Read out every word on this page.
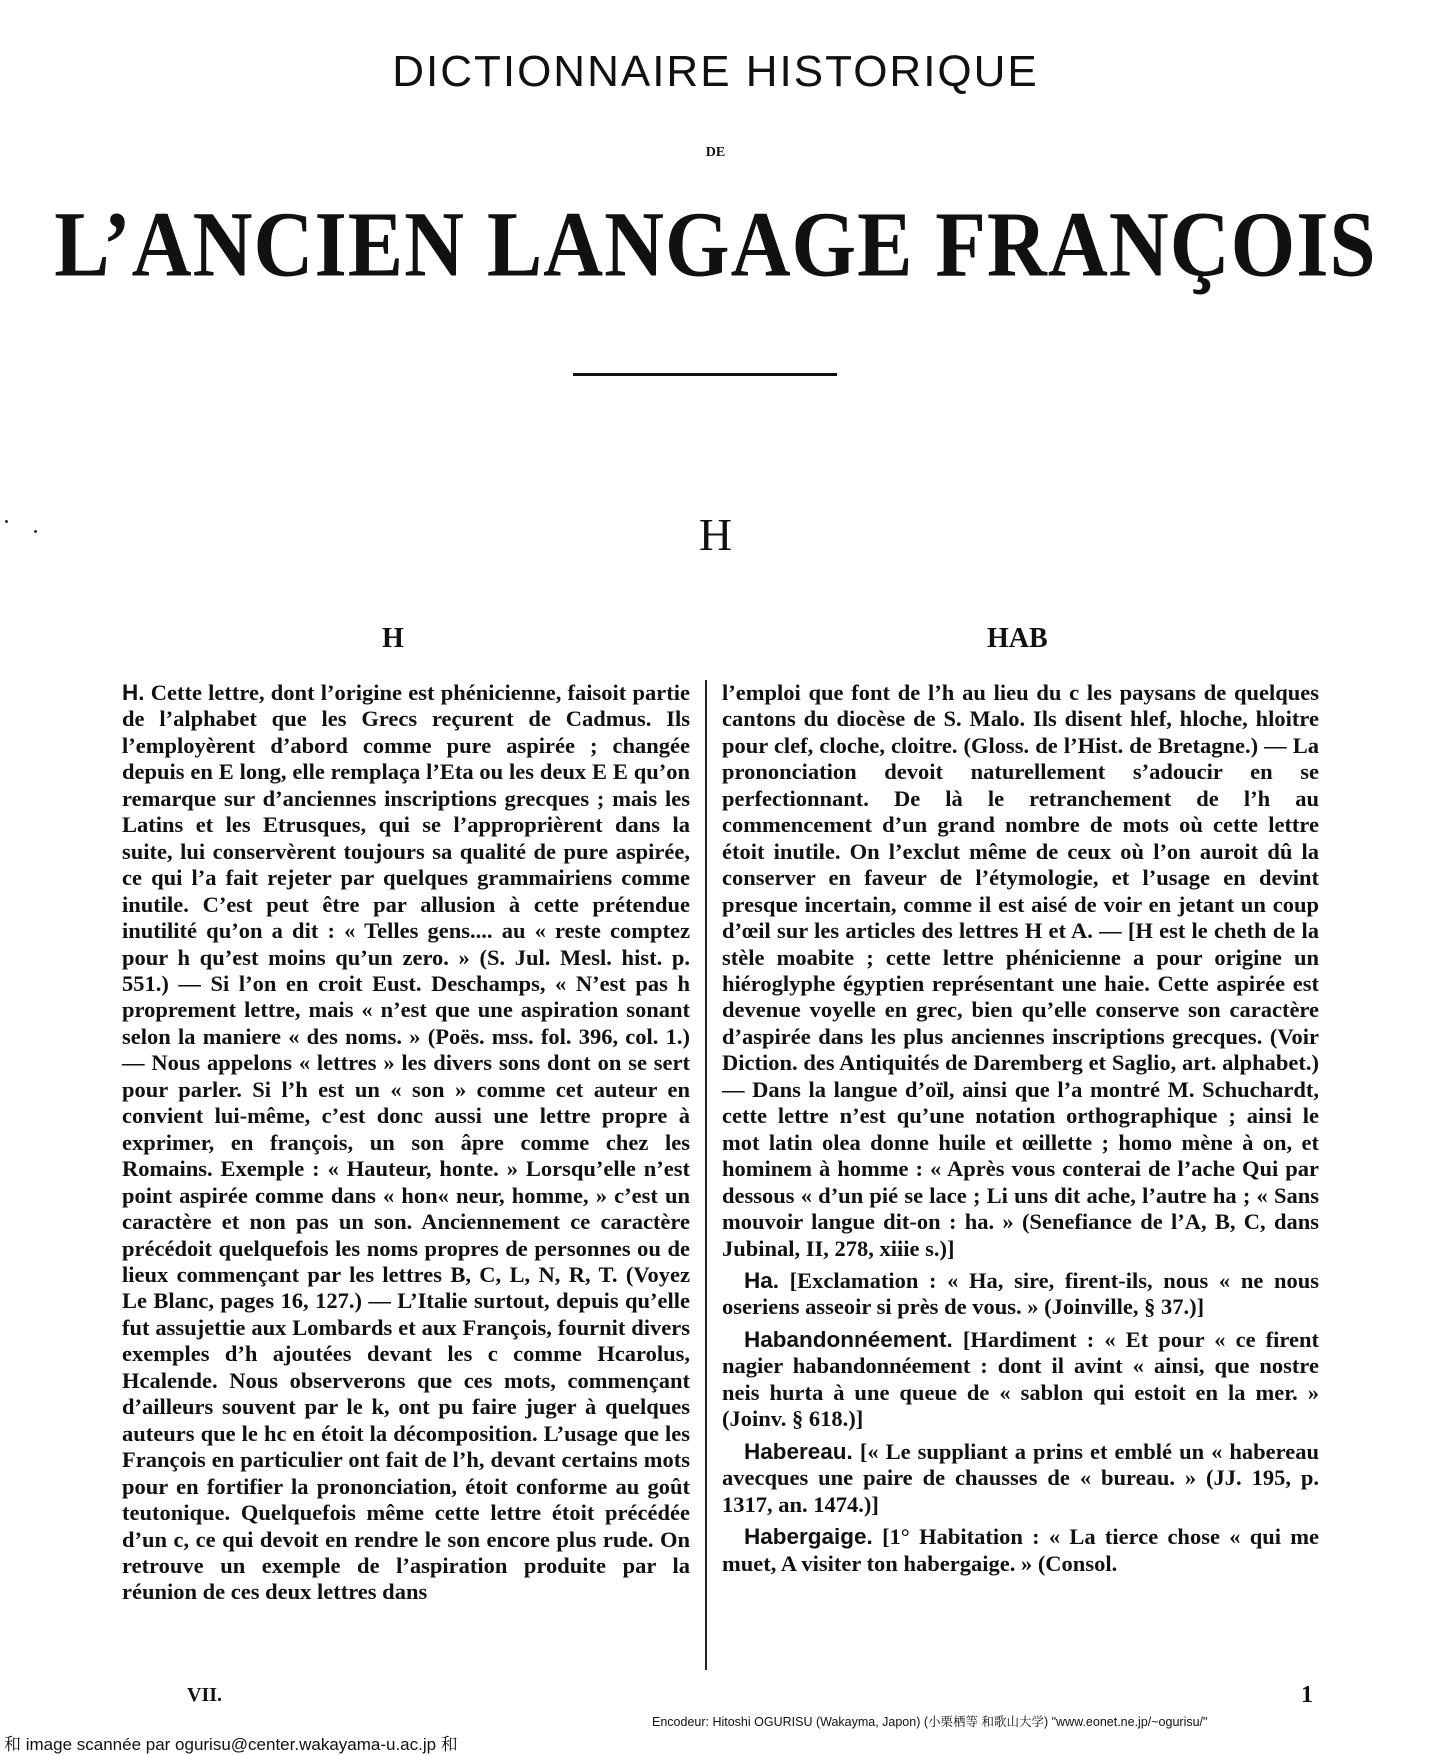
DICTIONNAIRE HISTORIQUE

DE

L’ANCIEN LANGAGE FRANÇOIS
H
H	HAB

H. Cette lettre, dont l’origine est phénicienne, faisoit partie de l’alphabet que les Grecs reçurent de Cadmus. Ils l’employèrent d’abord comme pure aspirée ; changée depuis en E long, elle remplaça l’Eta ou les deux E E qu’on remarque sur d’anciennes inscriptions grecques ; mais les Latins et les Etrusques, qui se l’approprièrent dans la suite, lui conservèrent toujours sa qualité de pure aspirée, ce qui l’a fait rejeter par quelques grammairiens comme inutile. C’est peut être par allusion à cette prétendue inutilité qu’on a dit : « Telles gens.... au « reste comptez pour h qu’est moins qu’un zero. » (S. Jul. Mesl. hist. p. 551.) — Si l’on en croit Eust. Deschamps, « N’est pas h proprement lettre, mais « n’est que une aspiration sonant selon la maniere « des noms. » (Poës. mss. fol. 396, col. 1.) — Nous appelons « lettres » les divers sons dont on se sert pour parler. Si l’h est un « son » comme cet auteur en convient lui-même, c’est donc aussi une lettre propre à exprimer, en françois, un son âpre comme chez les Romains. Exemple : « Hauteur, honte. » Lorsqu’elle n’est point aspirée comme dans « hon« neur, homme, » c’est un caractère et non pas un son. Anciennement ce caractère précédoit quelquefois les noms propres de personnes ou de lieux commençant par les lettres B, C, L, N, R, T. (Voyez Le Blanc, pages 16, 127.) — L’Italie surtout, depuis qu’elle fut assujettie aux Lombards et aux François, fournit divers exemples d’h ajoutées devant les c comme Hcarolus, Hcalende. Nous observerons que ces mots, commençant d’ailleurs souvent par le k, ont pu faire juger à quelques auteurs que le hc en étoit la décomposition. L’usage que les François en particulier ont fait de l’h, devant certains mots pour en fortifier la prononciation, étoit conforme au goût teutonique. Quelquefois même cette lettre étoit précédée d’un c, ce qui devoit en rendre le son encore plus rude. On retrouve un exemple de l’aspiration produite par la réunion de ces deux lettres dans

l’emploi que font de l’h au lieu du c les paysans de quelques cantons du diocèse de S. Malo. Ils disent hlef, hloche, hloitre pour clef, cloche, cloitre. (Gloss. de l’Hist. de Bretagne.) — La prononciation devoit naturellement s’adoucir en se perfectionnant. De là le retranchement de l’h au commencement d’un grand nombre de mots où cette lettre étoit inutile. On l’exclut même de ceux où l’on auroit dû la conserver en faveur de l’étymologie, et l’usage en devint presque incertain, comme il est aisé de voir en jetant un coup d’œil sur les articles des lettres H et A. — [H est le cheth de la stèle moabite ; cette lettre phénicienne a pour origine un hiéroglyphe égyptien représentant une haie. Cette aspirée est devenue voyelle en grec, bien qu’elle conserve son caractère d’aspirée dans les plus anciennes inscriptions grecques. (Voir Diction. des Antiquités de Daremberg et Saglio, art. alphabet.) — Dans la langue d’oïl, ainsi que l’a montré M. Schuchardt, cette lettre n’est qu’une notation orthographique ; ainsi le mot latin olea donne huile et œillette ; homo mène à on, et hominem à homme : « Après vous conterai de l’ache Qui par dessous « d’un pié se lace ; Li uns dit ache, l’autre ha ; « Sans mouvoir langue dit-on : ha. » (Senefiance de l’A, B, C, dans Jubinal, II, 278, xiiie s.)]

Ha. [Exclamation : « Ha, sire, firent-ils, nous « ne nous oseriens asseoir si près de vous. » (Joinville, § 37.)]

Habandonnéement. [Hardiment : « Et pour « ce firent nagier habandonnéement : dont il avint « ainsi, que nostre neis hurta à une queue de « sablon qui estoit en la mer. » (Joinv. § 618.)]

Habereau. [« Le suppliant a prins et emblé un « habereau avecques une paire de chausses de « bureau. » (JJ. 195, p. 1317, an. 1474.)]

Habergaige. [1° Habitation : « La tierce chose « qui me muet, A visiter ton habergaige. » (Consol.

VII.	1

Encodeur: Hitoshi OGURISU (Wakayma, Japon) (小栗栖等 和歌山大学) "www.eonet.ne.jp/~ogurisu/"

和 image scannée par ogurisu@center.wakayama-u.ac.jp 和
